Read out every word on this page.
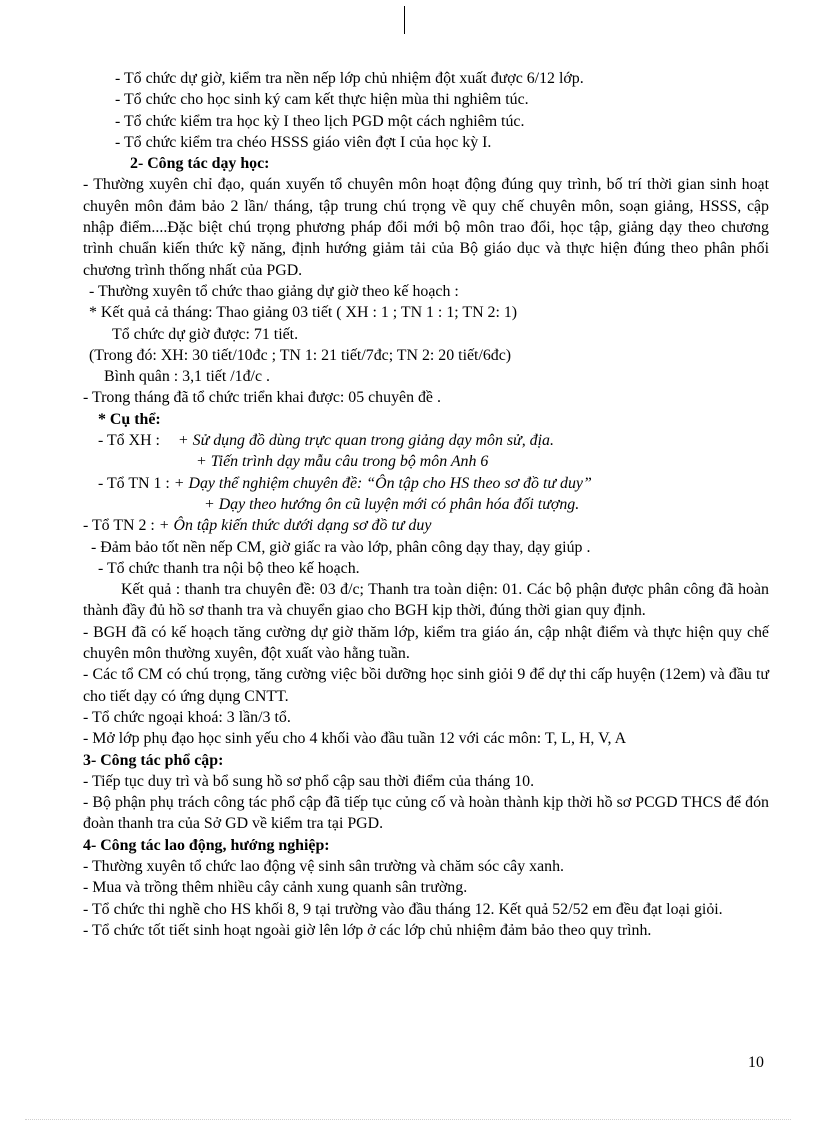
- Tổ chức dự giờ, kiểm tra nền nếp lớp chủ nhiệm đột xuất được 6/12 lớp.
- Tổ chức cho học sinh ký cam kết thực hiện mùa thi nghiêm túc.
- Tổ chức kiểm tra học kỳ I theo lịch PGD một cách nghiêm túc.
- Tổ chức kiểm tra chéo HSSS giáo viên đợt I của học kỳ I.
2- Công tác dạy học:
- Thường xuyên chỉ đạo, quán xuyến tổ chuyên môn hoạt động đúng quy trình, bố trí thời gian sinh hoạt chuyên môn đảm bảo 2 lần/ tháng, tập trung chú trọng về quy chế chuyên môn, soạn giảng, HSSS, cập nhập điểm....Đặc biệt chú trọng phương pháp đổi mới bộ môn trao đổi, học tập, giảng dạy theo chương trình chuẩn kiến thức kỹ năng, định hướng giảm tải của Bộ giáo dục và thực hiện đúng theo phân phối chương trình thống nhất của PGD.
- Thường xuyên tổ chức thao giảng dự giờ theo kế hoạch :
* Kết quả cả tháng: Thao giảng 03 tiết ( XH : 1 ; TN 1 : 1; TN 2: 1)
Tổ chức dự giờ được: 71 tiết.
(Trong đó: XH: 30 tiết/10đc ; TN 1: 21 tiết/7đc; TN 2: 20 tiết/6đc)
Bình quân : 3,1 tiết /1đ/c .
- Trong tháng đã tổ chức triển khai được: 05 chuyên đề .
* Cụ thể:
- Tổ XH : + Sử dụng đồ dùng trực quan trong giảng dạy môn sử, địa.
+ Tiến trình dạy mẫu câu trong bộ môn Anh 6
- Tổ TN 1 : + Dạy thể nghiệm chuyên đề: “Ôn tập cho HS theo sơ đồ tư duy”
+ Dạy theo hướng ôn cũ luyện mới có phân hóa đối tượng.
- Tổ TN 2 : + Ôn tập kiến thức dưới dạng sơ đồ tư duy
- Đảm bảo tốt nền nếp CM, giờ giấc ra vào lớp, phân công dạy thay, dạy giúp .
- Tổ chức thanh tra nội bộ theo kế hoạch.
Kết quả : thanh tra chuyên đề: 03 đ/c; Thanh tra toàn diện: 01. Các bộ phận được phân công đã hoàn thành đầy đủ hồ sơ thanh tra và chuyển giao cho BGH kịp thời, đúng thời gian quy định.
- BGH đã có kế hoạch tăng cường dự giờ thăm lớp, kiểm tra giáo án, cập nhật điểm và thực hiện quy chế chuyên môn thường xuyên, đột xuất vào hằng tuần.
- Các tổ CM có chú trọng, tăng cường việc bồi dưỡng học sinh giỏi 9 để dự thi cấp huyện (12em) và đầu tư cho tiết dạy có ứng dụng CNTT.
- Tổ chức ngoại khoá: 3 lần/3 tổ.
- Mở lớp phụ đạo học sinh yếu cho 4 khối vào đầu tuần 12 với các môn: T, L, H, V, A
3- Công tác phổ cập:
- Tiếp tục duy trì và bổ sung hồ sơ phổ cập sau thời điểm của tháng 10.
- Bộ phận phụ trách công tác phổ cập đã tiếp tục củng cố và hoàn thành kịp thời hồ sơ PCGD THCS để đón đoàn thanh tra của Sở GD về kiểm tra tại PGD.
4- Công tác lao động, hướng nghiệp:
- Thường xuyên tổ chức lao động vệ sinh sân trường và chăm sóc cây xanh.
- Mua và trồng thêm nhiều cây cảnh xung quanh sân trường.
- Tổ chức thi nghề cho HS khối 8, 9 tại trường vào đầu tháng 12. Kết quả 52/52 em đều đạt loại giỏi.
- Tổ chức tốt tiết sinh hoạt ngoài giờ lên lớp ở các lớp chủ nhiệm đảm bảo theo quy trình.
10
